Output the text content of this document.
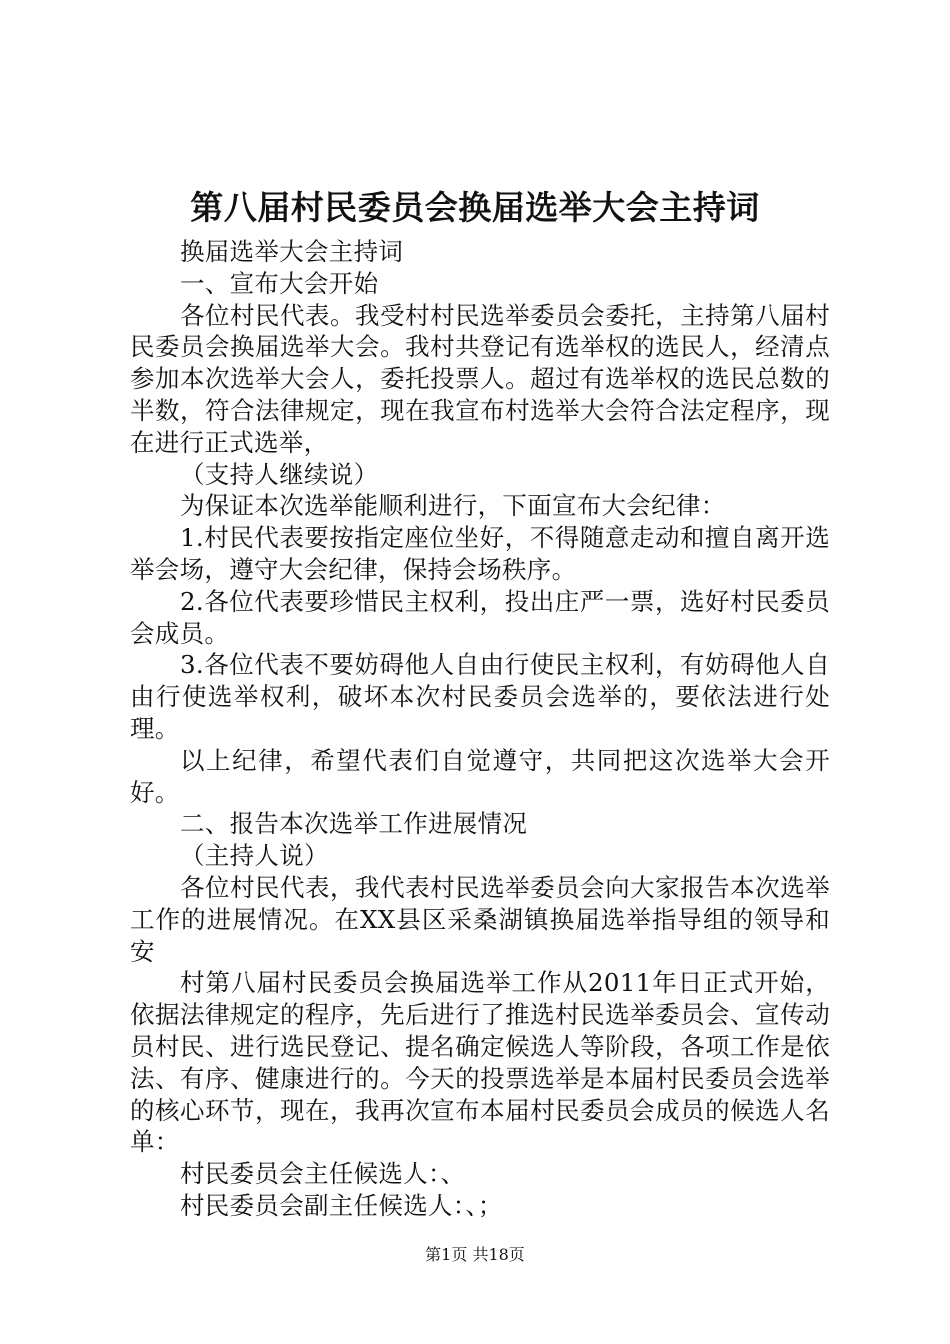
第八届村民委员会换届选举大会主持词

换届选举大会主持词

一、宣布大会开始

各位村民代表。我受村村民选举委员会委托，主持第八届村民委员会换届选举大会。我村共登记有选举权的选民人，经清点参加本次选举大会人，委托投票人。超过有选举权的选民总数的半数，符合法律规定，现在我宣布村选举大会符合法定程序，现在进行正式选举，

（支持人继续说）

为保证本次选举能顺利进行，下面宣布大会纪律：

1.村民代表要按指定座位坐好，不得随意走动和擅自离开选举会场，遵守大会纪律，保持会场秩序。

2.各位代表要珍惜民主权利，投出庄严一票，选好村民委员会成员。

3.各位代表不要妨碍他人自由行使民主权利，有妨碍他人自由行使选举权利，破坏本次村民委员会选举的，要依法进行处理。

以上纪律，希望代表们自觉遵守，共同把这次选举大会开好。

二、报告本次选举工作进展情况

（主持人说）

各位村民代表，我代表村民选举委员会向大家报告本次选举工作的进展情况。在XX县区采桑湖镇换届选举指导组的领导和安

村第八届村民委员会换届选举工作从2011年日正式开始，依据法律规定的程序，先后进行了推选村民选举委员会、宣传动员村民、进行选民登记、提名确定候选人等阶段，各项工作是依法、有序、健康进行的。今天的投票选举是本届村民委员会选举的核心环节，现在，我再次宣布本届村民委员会成员的候选人名单：

村民委员会主任候选人：、

村民委员会副主任候选人：、；

第1页 共18页
